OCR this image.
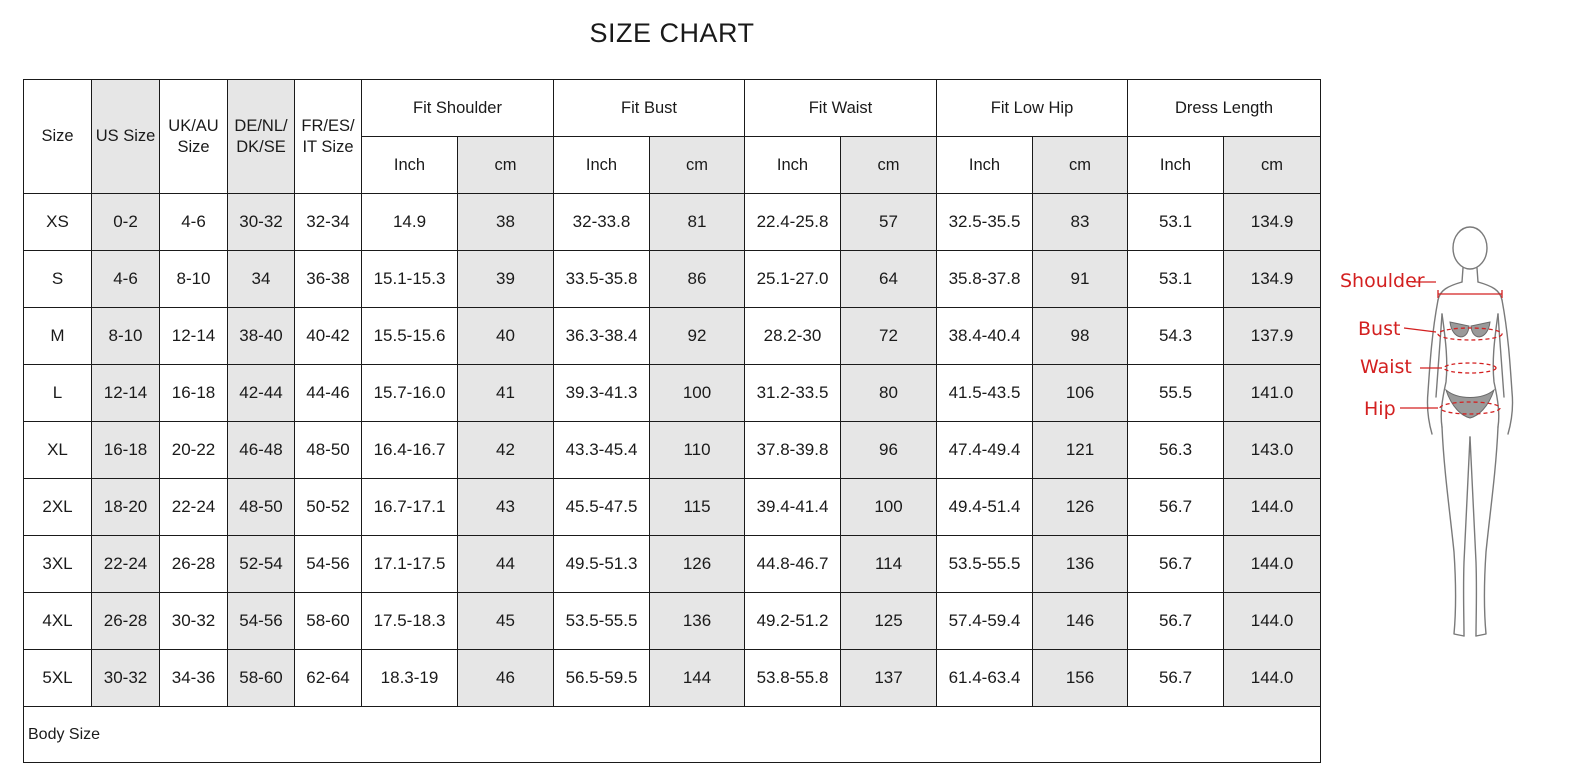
SIZE CHART
Size	US Size	UK/AU Size	DE/NL/ DK/SE	FR/ES/ IT Size	Fit Shoulder		Fit Bust		Fit Waist		Fit Low Hip		Dress Length	
					Inch	cm	Inch	cm	Inch	cm	Inch	cm	Inch	cm
XS	0-2	4-6	30-32	32-34	14.9	38	32-33.8	81	22.4-25.8	57	32.5-35.5	83	53.1	134.9
S	4-6	8-10	34	36-38	15.1-15.3	39	33.5-35.8	86	25.1-27.0	64	35.8-37.8	91	53.1	134.9
M	8-10	12-14	38-40	40-42	15.5-15.6	40	36.3-38.4	92	28.2-30	72	38.4-40.4	98	54.3	137.9
L	12-14	16-18	42-44	44-46	15.7-16.0	41	39.3-41.3	100	31.2-33.5	80	41.5-43.5	106	55.5	141.0
XL	16-18	20-22	46-48	48-50	16.4-16.7	42	43.3-45.4	110	37.8-39.8	96	47.4-49.4	121	56.3	143.0
2XL	18-20	22-24	48-50	50-52	16.7-17.1	43	45.5-47.5	115	39.4-41.4	100	49.4-51.4	126	56.7	144.0
3XL	22-24	26-28	52-54	54-56	17.1-17.5	44	49.5-51.3	126	44.8-46.7	114	53.5-55.5	136	56.7	144.0
4XL	26-28	30-32	54-56	58-60	17.5-18.3	45	53.5-55.5	136	49.2-51.2	125	57.4-59.4	146	56.7	144.0
5XL	30-32	34-36	58-60	62-64	18.3-19	46	56.5-59.5	144	53.8-55.8	137	61.4-63.4	156	56.7	144.0
Body Size														
Shoulder
Bust
Waist
Hip
